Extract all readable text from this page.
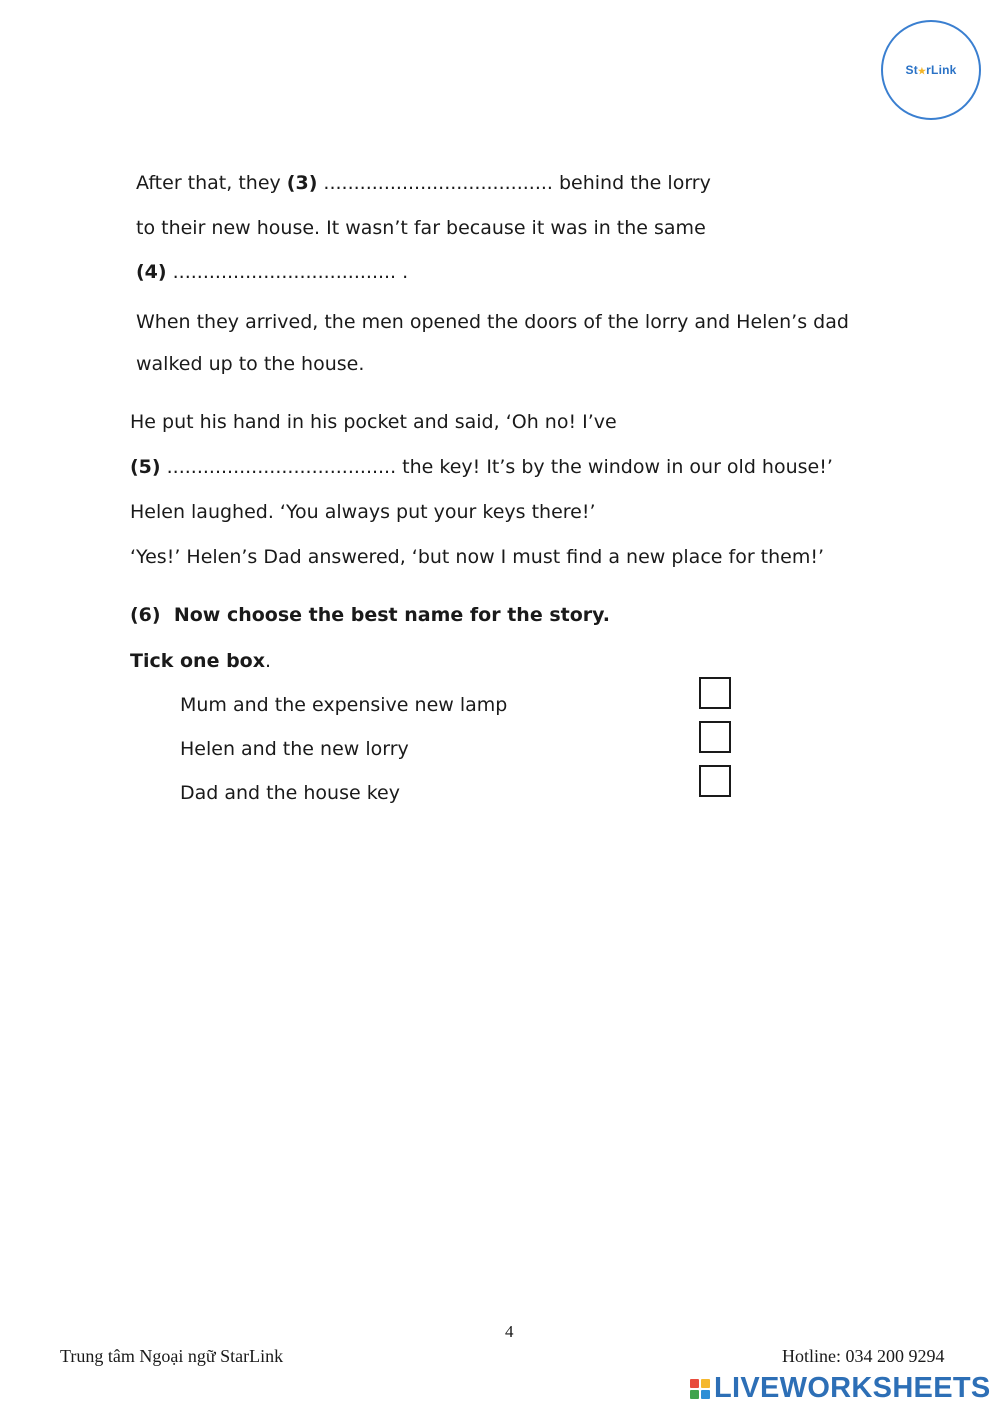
St★rLink
After that, they (3) ...................................... behind the lorry
to their new house. It wasn’t far because it was in the same
(4) ..................................... .
When they arrived, the men opened the doors of the lorry and Helen’s dad
walked up to the house.
He put his hand in his pocket and said, ‘Oh no! I’ve
(5) ...................................... the key! It’s by the window in our old house!’
Helen laughed. ‘You always put your keys there!’
‘Yes!’ Helen’s Dad answered, ‘but now I must find a new place for them!’
(6) Now choose the best name for the story.
Tick one box.
Mum and the expensive new lamp
Helen and the new lorry
Dad and the house key
4
Trung tâm Ngoại ngữ StarLink	Hotline: 034 200 9294
LIVEWORKSHEETS
